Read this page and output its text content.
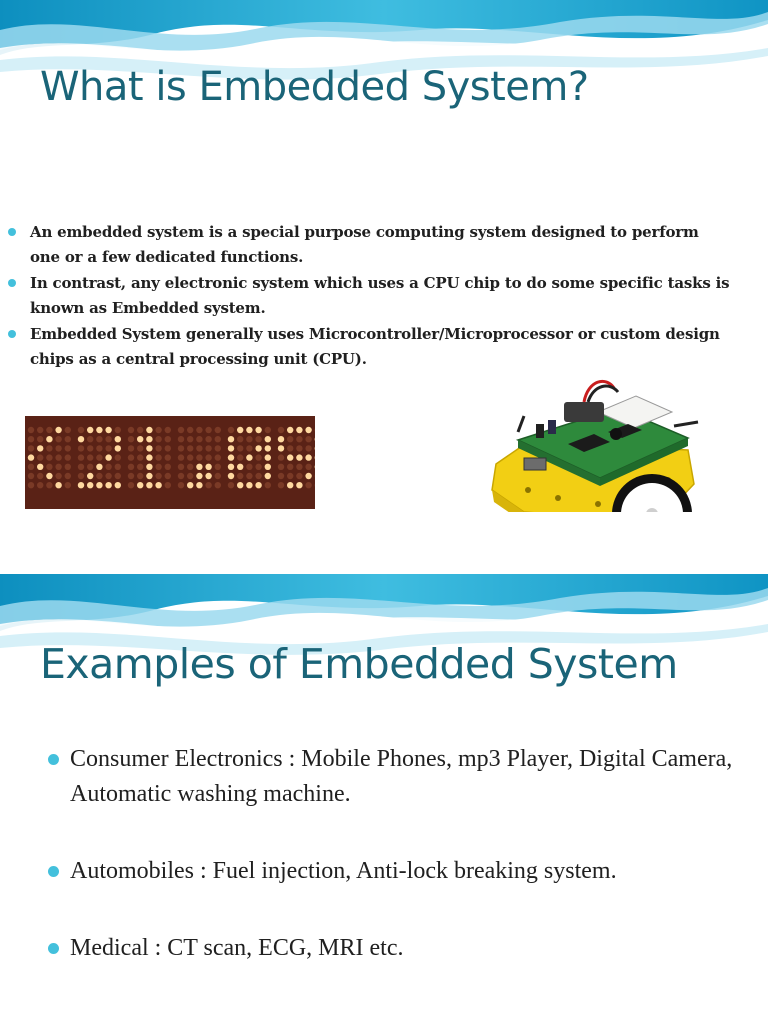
What is Embedded System?
An embedded system is a special purpose computing system designed to perform one or a few dedicated functions.
In contrast, any electronic system which uses a CPU chip to do some specific tasks is known as Embedded system.
Embedded System generally uses Microcontroller/Microprocessor or custom design chips as a central processing unit (CPU).
Examples of Embedded System
Consumer Electronics : Mobile Phones, mp3 Player, Digital Camera, Automatic washing machine.
Automobiles : Fuel injection, Anti-lock breaking system.
Medical : CT scan, ECG, MRI etc.
